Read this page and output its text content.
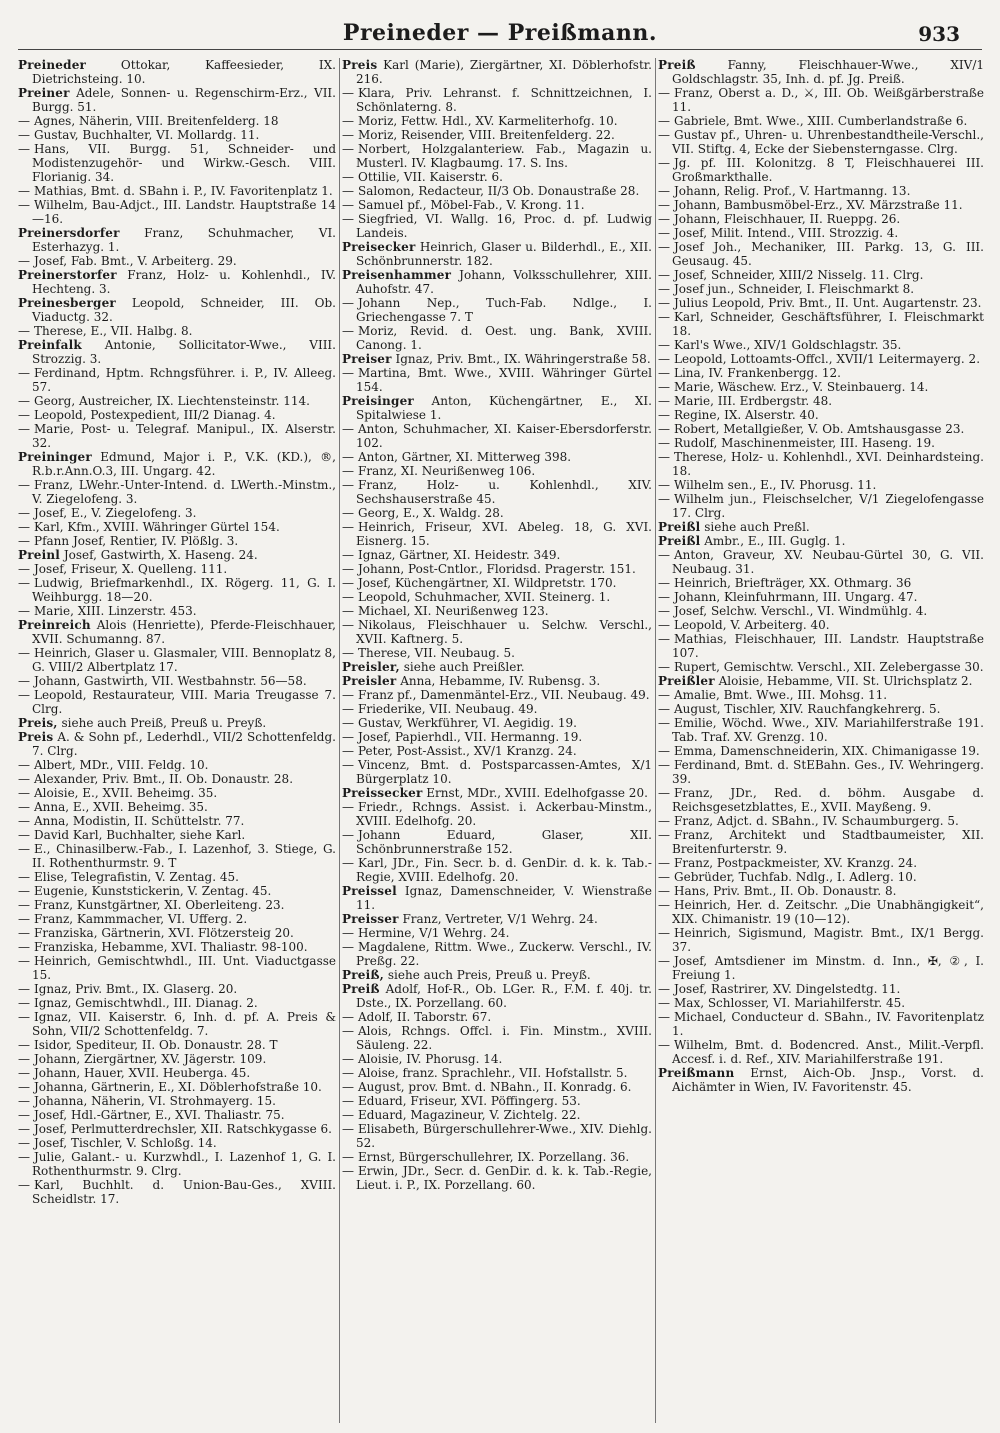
Preineder — Preißmann.	933

Preineder	Ottokar, Kaffeesieder, IX. Dietrichsteing. 10.

Preiner Adele, Sonnen- u. Regenschirm-Erz., VII. Burgg. 51.

— Agnes, Näherin, VIII. Breitenfelderg. 18

— Gustav, Buchhalter, VI. Mollardg. 11.

— Hans, VII. Burgg. 51, Schneider- und Modistenzugehör- und Wirkw.-Gesch. VIII. Florianig. 34.

— Mathias, Bmt. d. SBahn i. P., IV. Favoritenplatz 1.

— Wilhelm, Bau-Adjct., III. Landstr. Hauptstraße 14—16.

Preinersdorfer Franz, Schuhmacher, VI. Esterhazyg. 1.

— Josef, Fab. Bmt., V. Arbeiterg. 29.

Preinerstorfer Franz, Holz- u. Kohlenhdl., IV. Hechteng. 3.

Preinesberger Leopold, Schneider, III. Ob. Viaductg. 32.

— Therese, E., VII. Halbg. 8.

Preinfalk Antonie, Sollicitator-Wwe., VIII. Strozzig. 3.

— Ferdinand, Hptm. Rchngsführer. i. P., IV. Alleeg. 57.

— Georg, Austreicher, IX. Liechtensteinstr. 114.

— Leopold, Postexpedient, III/2 Dianag. 4.

— Marie, Post- u. Telegraf. Manipul., IX. Alserstr. 32.

Preininger Edmund, Major i. P., V.K. (KD.), ®, R.b.r.Ann.O.3, III. Ungarg. 42.

— Franz, LWehr.-Unter-Intend. d. LWerth.-Minstm., V. Ziegelofeng. 3.

— Josef, E., V. Ziegelofeng. 3.

— Karl, Kfm., XVIII. Währinger Gürtel 154.

— Pfann Josef, Rentier, IV. Plößlg. 3.

Preinl Josef, Gastwirth, X. Haseng. 24.

— Josef, Friseur, X. Quelleng. 111.

— Ludwig, Briefmarkenhdl., IX. Rögerg. 11, G. I. Weihburgg. 18—20.

— Marie, XIII. Linzerstr. 453.

Preinreich Alois (Henriette), Pferde-Fleischhauer, XVII. Schumanng. 87.

— Heinrich, Glaser u. Glasmaler, VIII. Bennoplatz 8, G. VIII/2 Albertplatz 17.

— Johann, Gastwirth, VII. Westbahnstr. 56—58.

— Leopold, Restaurateur, VIII. Maria Treugasse 7. Clrg.

Preis, siehe auch Preiß, Preuß u. Preyß.

Preis A. & Sohn pf., Lederhdl., VII/2 Schottenfeldg. 7. Clrg.

— Albert, MDr., VIII. Feldg. 10.

— Alexander, Priv. Bmt., II. Ob. Donaustr. 28.

— Aloisie, E., XVII. Beheimg. 35.

— Anna, E., XVII. Beheimg. 35.

— Anna, Modistin, II. Schüttelstr. 77.

— David Karl, Buchhalter, siehe Karl.

— E., Chinasilberw.-Fab., I. Lazenhof, 3. Stiege, G. II. Rothenthurmstr. 9. T

— Elise, Telegrafistin, V. Zentag. 45.

— Eugenie, Kunststickerin, V. Zentag. 45.

— Franz, Kunstgärtner, XI. Oberleiteng. 23.

— Franz, Kammmacher, VI. Ufferg. 2.

— Franziska, Gärtnerin, XVI. Flötzersteig 20.

— Franziska, Hebamme, XVI. Thaliastr. 98-100.

— Heinrich, Gemischtwhdl., III. Unt. Viaductgasse 15.

— Ignaz, Priv. Bmt., IX. Glaserg. 20.

— Ignaz, Gemischtwhdl., III. Dianag. 2.

— Ignaz, VII. Kaiserstr. 6, Inh. d. pf. A. Preis & Sohn, VII/2 Schottenfeldg. 7.

— Isidor, Spediteur, II. Ob. Donaustr. 28. T

— Johann, Ziergärtner, XV. Jägerstr. 109.

— Johann, Hauer, XVII. Heuberga. 45.

— Johanna, Gärtnerin, E., XI. Döblerhofstraße 10.

— Johanna, Näherin, VI. Strohmayerg. 15.

— Josef, Hdl.-Gärtner, E., XVI. Thaliastr. 75.

— Josef, Perlmutterdrechsler, XII. Ratschkygasse 6.

— Josef, Tischler, V. Schloßg. 14.

— Julie, Galant.- u. Kurzwhdl., I. Lazenhof 1, G. I. Rothenthurmstr. 9. Clrg.

— Karl, Buchhlt. d. Union-Bau-Ges., XVIII. Scheidlstr. 17.

Preis Karl (Marie), Ziergärtner, XI. Döblerhofstr. 216.

— Klara, Priv. Lehranst. f. Schnittzeichnen, I. Schönlaterng. 8.

— Moriz, Fettw. Hdl., XV. Karmeliterhofg. 10.

— Moriz, Reisender, VIII. Breitenfelderg. 22.

— Norbert, Holzgalanteriew. Fab., Magazin u. Musterl. IV. Klagbaumg. 17. S. Ins.

— Ottilie, VII. Kaiserstr. 6.

— Salomon, Redacteur, II/3 Ob. Donaustraße 28.

— Samuel pf., Möbel-Fab., V. Krong. 11.

— Siegfried, VI. Wallg. 16, Proc. d. pf. Ludwig Landeis.

Preisecker Heinrich, Glaser u. Bilderhdl., E., XII. Schönbrunnerstr. 182.

Preisenhammer Johann, Volksschullehrer, XIII. Auhofstr. 47.

— Johann Nep., Tuch-Fab. Ndlge., I. Griechengasse 7. T

— Moriz, Revid. d. Oest. ung. Bank, XVIII. Canong. 1.

Preiser Ignaz, Priv. Bmt., IX. Währingerstraße 58.

— Martina, Bmt. Wwe., XVIII. Währinger Gürtel 154.

Preisinger Anton, Küchengärtner, E., XI. Spitalwiese 1.

— Anton, Schuhmacher, XI. Kaiser-Ebersdorferstr. 102.

— Anton, Gärtner, XI. Mitterweg 398.

— Franz, XI. Neurißenweg 106.

— Franz, Holz- u. Kohlenhdl., XIV. Sechshauserstraße 45.

— Georg, E., X. Waldg. 28.

— Heinrich, Friseur, XVI. Abeleg. 18, G. XVI. Eisnerg. 15.

— Ignaz, Gärtner, XI. Heidestr. 349.

— Johann, Post-Cntlor., Floridsd. Pragerstr. 151.

— Josef, Küchengärtner, XI. Wildpretstr. 170.

— Leopold, Schuhmacher, XVII. Steinerg. 1.

— Michael, XI. Neurißenweg 123.

— Nikolaus, Fleischhauer u. Selchw. Verschl., XVII. Kaftnerg. 5.

— Therese, VII. Neubaug. 5.

Preisler, siehe auch Preißler.

Preisler Anna, Hebamme, IV. Rubensg. 3.

— Franz pf., Damenmäntel-Erz., VII. Neubaug. 49.

— Friederike, VII. Neubaug. 49.

— Gustav, Werkführer, VI. Aegidig. 19.

— Josef, Papierhdl., VII. Hermanng. 19.

— Peter, Post-Assist., XV/1 Kranzg. 24.

— Vincenz, Bmt. d. Postsparcassen-Amtes, X/1 Bürgerplatz 10.

Preissecker Ernst, MDr., XVIII. Edelhofgasse 20.

— Friedr., Rchngs. Assist. i. Ackerbau-Minstm., XVIII. Edelhofg. 20.

— Johann Eduard, Glaser, XII. Schönbrunnerstraße 152.

— Karl, JDr., Fin. Secr. b. d. GenDir. d. k. k. Tab.-Regie, XVIII. Edelhofg. 20.

Preissel Ignaz, Damenschneider, V. Wienstraße 11.

Preisser Franz, Vertreter, V/1 Wehrg. 24.

— Hermine, V/1 Wehrg. 24.

— Magdalene, Rittm. Wwe., Zuckerw. Verschl., IV. Preßg. 22.

Preiß, siehe auch Preis, Preuß u. Preyß.

Preiß Adolf, Hof-R., Ob. LGer. R., F.M. f. 40j. tr. Dste., IX. Porzellang. 60.

— Adolf, II. Taborstr. 67.

— Alois, Rchngs. Offcl. i. Fin. Minstm., XVIII. Säuleng. 22.

— Aloisie, IV. Phorusg. 14.

— Aloise, franz. Sprachlehr., VII. Hofstallstr. 5.

— August, prov. Bmt. d. NBahn., II. Konradg. 6.

— Eduard, Friseur, XVI. Pöffingerg. 53.

— Eduard, Magazineur, V. Zichtelg. 22.

— Elisabeth, Bürgerschullehrer-Wwe., XIV. Diehlg. 52.

— Ernst, Bürgerschullehrer, IX. Porzellang. 36.

— Erwin, JDr., Secr. d. GenDir. d. k. k. Tab.-Regie, Lieut. i. P., IX. Porzellang. 60.

Preiß	Fanny, Fleischhauer-Wwe., XIV/1 Goldschlagstr. 35, Inh. d. pf. Jg. Preiß.

— Franz, Oberst a. D., ⚔, III. Ob. Weißgärberstraße 11.

— Gabriele, Bmt. Wwe., XIII. Cumberlandstraße 6.

— Gustav pf., Uhren- u. Uhrenbestandtheile-Verschl., VII. Stiftg. 4, Ecke der Siebensterngasse. Clrg.

— Jg. pf. III. Kolonitzg. 8 T, Fleischhauerei III. Großmarkthalle.

— Johann, Relig. Prof., V. Hartmanng. 13.

— Johann, Bambusmöbel-Erz., XV. Märzstraße 11.

— Johann, Fleischhauer, II. Rueppg. 26.

— Josef, Milit. Intend., VIII. Strozzig. 4.

— Josef Joh., Mechaniker, III. Parkg. 13, G. III. Geusaug. 45.

— Josef, Schneider, XIII/2 Nisselg. 11. Clrg.

— Josef jun., Schneider, I. Fleischmarkt 8.

— Julius Leopold, Priv. Bmt., II. Unt. Augartenstr. 23.

— Karl, Schneider, Geschäftsführer, I. Fleischmarkt 18.

— Karl's Wwe., XIV/1 Goldschlagstr. 35.

— Leopold, Lottoamts-Offcl., XVII/1 Leitermayerg. 2.

— Lina, IV. Frankenbergg. 12.

— Marie, Wäschew. Erz., V. Steinbauerg. 14.

— Marie, III. Erdbergstr. 48.

— Regine, IX. Alserstr. 40.

— Robert, Metallgießer, V. Ob. Amtshausgasse 23.

— Rudolf, Maschinenmeister, III. Haseng. 19.

— Therese, Holz- u. Kohlenhdl., XVI. Deinhardsteing. 18.

— Wilhelm sen., E., IV. Phorusg. 11.

— Wilhelm jun., Fleischselcher, V/1 Ziegelofengasse 17. Clrg.

Preißl siehe auch Preßl.

Preißl Ambr., E., III. Guglg. 1.

— Anton, Graveur, XV. Neubau-Gürtel 30, G. VII. Neubaug. 31.

— Heinrich, Briefträger, XX. Othmarg. 36

— Johann, Kleinfuhrmann, III. Ungarg. 47.

— Josef, Selchw. Verschl., VI. Windmühlg. 4.

— Leopold, V. Arbeiterg. 40.

— Mathias, Fleischhauer, III. Landstr. Hauptstraße 107.

— Rupert, Gemischtw. Verschl., XII. Zelebergasse 30.

Preißler Aloisie, Hebamme, VII. St. Ulrichsplatz 2.

— Amalie, Bmt. Wwe., III. Mohsg. 11.

— August, Tischler, XIV. Rauchfangkehrerg. 5.

— Emilie, Wöchd. Wwe., XIV. Mariahilferstraße 191. Tab. Traf. XV. Grenzg. 10.

— Emma, Damenschneiderin, XIX. Chimanigasse 19.

— Ferdinand, Bmt. d. StEBahn. Ges., IV. Wehringerg. 39.

— Franz, JDr., Red. d. böhm. Ausgabe d. Reichsgesetzblattes, E., XVII. Mayßeng. 9.

— Franz, Adjct. d. SBahn., IV. Schaumburgerg. 5.

— Franz, Architekt und Stadtbaumeister, XII. Breitenfurterstr. 9.

— Franz, Postpackmeister, XV. Kranzg. 24.

— Gebrüder, Tuchfab. Ndlg., I. Adlerg. 10.

— Hans, Priv. Bmt., II. Ob. Donaustr. 8.

— Heinrich, Her. d. Zeitschr. „Die Unabhängigkeit“, XIX. Chimanistr. 19 (10—12).

— Heinrich, Sigismund, Magistr. Bmt., IX/1 Bergg. 37.

— Josef, Amtsdiener im Minstm. d. Inn., ✠, ②, I. Freiung 1.

— Josef, Rastrirer, XV. Dingelstedtg. 11.

— Max, Schlosser, VI. Mariahilferstr. 45.

— Michael, Conducteur d. SBahn., IV. Favoritenplatz 1.

— Wilhelm, Bmt. d. Bodencred. Anst., Milit.-Verpfl. Accesf. i. d. Ref., XIV. Mariahilferstraße 191.

Preißmann Ernst, Aich-Ob. Jnsp., Vorst. d. Aichämter in Wien, IV. Favoritenstr. 45.
